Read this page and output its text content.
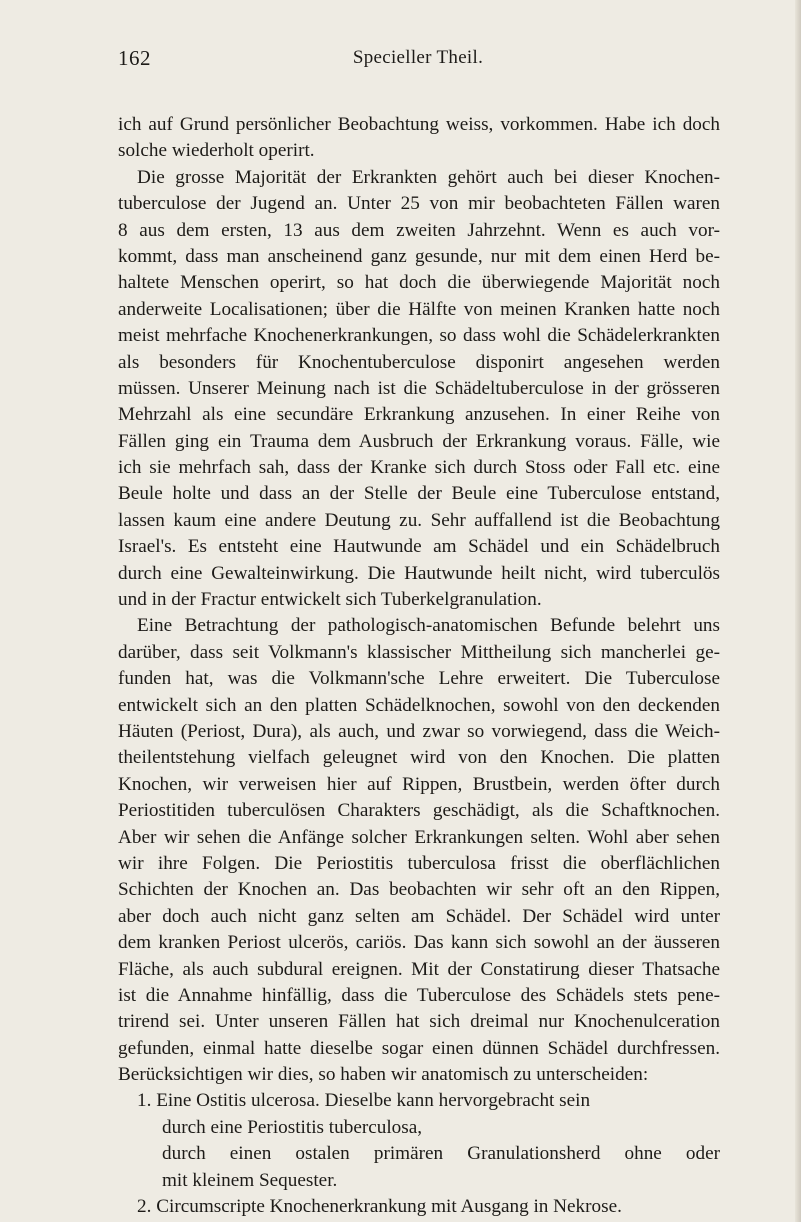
162	Specieller Theil.
ich auf Grund persönlicher Beobachtung weiss, vorkommen. Habe ich doch
solche wiederholt operirt.
Die grosse Majorität der Erkrankten gehört auch bei dieser Knochen-
tuberculose der Jugend an. Unter 25 von mir beobachteten Fällen waren
8 aus dem ersten, 13 aus dem zweiten Jahrzehnt. Wenn es auch vor-
kommt, dass man anscheinend ganz gesunde, nur mit dem einen Herd be-
haltete Menschen operirt, so hat doch die überwiegende Majorität noch
anderweite Localisationen; über die Hälfte von meinen Kranken hatte noch
meist mehrfache Knochenerkrankungen, so dass wohl die Schädelerkrankten
als besonders für Knochentuberculose disponirt angesehen werden
müssen. Unserer Meinung nach ist die Schädeltuberculose in der grösseren
Mehrzahl als eine secundäre Erkrankung anzusehen. In einer Reihe von
Fällen ging ein Trauma dem Ausbruch der Erkrankung voraus. Fälle, wie
ich sie mehrfach sah, dass der Kranke sich durch Stoss oder Fall etc. eine
Beule holte und dass an der Stelle der Beule eine Tuberculose entstand,
lassen kaum eine andere Deutung zu. Sehr auffallend ist die Beobachtung
Israel's. Es entsteht eine Hautwunde am Schädel und ein Schädelbruch
durch eine Gewalteinwirkung. Die Hautwunde heilt nicht, wird tuberculös
und in der Fractur entwickelt sich Tuberkelgranulation.
Eine Betrachtung der pathologisch-anatomischen Befunde belehrt uns
darüber, dass seit Volkmann's klassischer Mittheilung sich mancherlei ge-
funden hat, was die Volkmann'sche Lehre erweitert. Die Tuberculose
entwickelt sich an den platten Schädelknochen, sowohl von den deckenden
Häuten (Periost, Dura), als auch, und zwar so vorwiegend, dass die Weich-
theilentstehung vielfach geleugnet wird von den Knochen. Die platten
Knochen, wir verweisen hier auf Rippen, Brustbein, werden öfter durch
Periostitiden tuberculösen Charakters geschädigt, als die Schaftknochen.
Aber wir sehen die Anfänge solcher Erkrankungen selten. Wohl aber sehen
wir ihre Folgen. Die Periostitis tuberculosa frisst die oberflächlichen
Schichten der Knochen an. Das beobachten wir sehr oft an den Rippen,
aber doch auch nicht ganz selten am Schädel. Der Schädel wird unter
dem kranken Periost ulcerös, cariös. Das kann sich sowohl an der äusseren
Fläche, als auch subdural ereignen. Mit der Constatirung dieser Thatsache
ist die Annahme hinfällig, dass die Tuberculose des Schädels stets pene-
trirend sei. Unter unseren Fällen hat sich dreimal nur Knochenulceration
gefunden, einmal hatte dieselbe sogar einen dünnen Schädel durchfressen.
Berücksichtigen wir dies, so haben wir anatomisch zu unterscheiden:
1. Eine Ostitis ulcerosa. Dieselbe kann hervorgebracht sein
durch eine Periostitis tuberculosa,
durch einen ostalen primären Granulationsherd ohne oder
mit kleinem Sequester.
2. Circumscripte Knochenerkrankung mit Ausgang in Nekrose.
